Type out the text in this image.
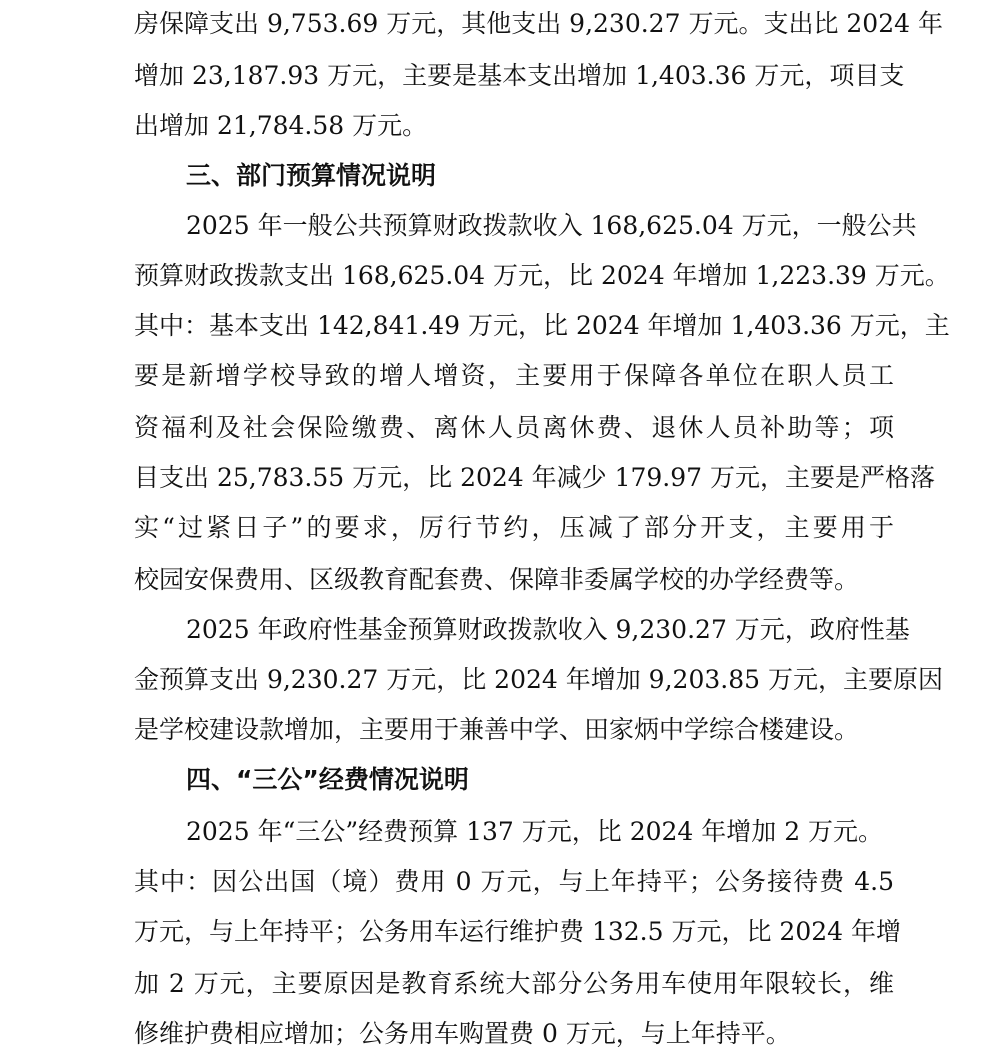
房保障支出 9,753.69 万元，其他支出 9,230.27 万元。支出比 2024 年
增加 23,187.93 万元，主要是基本支出增加 1,403.36 万元，项目支
出增加 21,784.58 万元。
三、部门预算情况说明
2025 年一般公共预算财政拨款收入 168,625.04 万元，一般公共
预算财政拨款支出 168,625.04 万元，比 2024 年增加 1,223.39 万元。
其中：基本支出 142,841.49 万元，比 2024 年增加 1,403.36 万元，主
要是新增学校导致的增人增资，主要用于保障各单位在职人员工
资福利及社会保险缴费、离休人员离休费、退休人员补助等；项
目支出 25,783.55 万元，比 2024 年减少 179.97 万元，主要是严格落
实“过紧日子”的要求，厉行节约，压减了部分开支，主要用于
校园安保费用、区级教育配套费、保障非委属学校的办学经费等。
2025 年政府性基金预算财政拨款收入 9,230.27 万元，政府性基
金预算支出 9,230.27 万元，比 2024 年增加 9,203.85 万元，主要原因
是学校建设款增加，主要用于兼善中学、田家炳中学综合楼建设。
四、“三公”经费情况说明
2025 年“三公”经费预算 137 万元，比 2024 年增加 2 万元。
其中：因公出国（境）费用 0 万元，与上年持平；公务接待费 4.5
万元，与上年持平；公务用车运行维护费 132.5 万元，比 2024 年增
加 2 万元，主要原因是教育系统大部分公务用车使用年限较长，维
修维护费相应增加；公务用车购置费 0 万元，与上年持平。
